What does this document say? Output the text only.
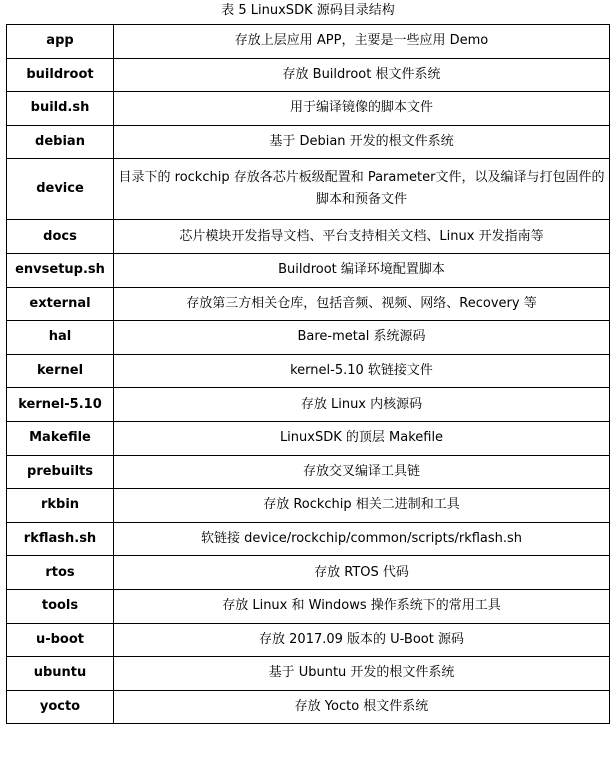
表 5 LinuxSDK 源码目录结构
app	存放上层应用 APP，主要是一些应用 Demo
buildroot	存放 Buildroot 根文件系统
build.sh	用于编译镜像的脚本文件
debian	基于 Debian 开发的根文件系统
device	目录下的 rockchip 存放各芯片板级配置和 Parameter文件，以及编译与打包固件的脚本和预备文件
docs	芯片模块开发指导文档、平台支持相关文档、Linux 开发指南等
envsetup.sh	Buildroot 编译环境配置脚本
external	存放第三方相关仓库，包括音频、视频、网络、Recovery 等
hal	Bare-metal 系统源码
kernel	kernel-5.10 软链接文件
kernel-5.10	存放 Linux 内核源码
Makefile	LinuxSDK 的顶层 Makefile
prebuilts	存放交叉编译工具链
rkbin	存放 Rockchip 相关二进制和工具
rkflash.sh	软链接 device/rockchip/common/scripts/rkflash.sh
rtos	存放 RTOS 代码
tools	存放 Linux 和 Windows 操作系统下的常用工具
u-boot	存放 2017.09 版本的 U-Boot 源码
ubuntu	基于 Ubuntu 开发的根文件系统
yocto	存放 Yocto 根文件系统
